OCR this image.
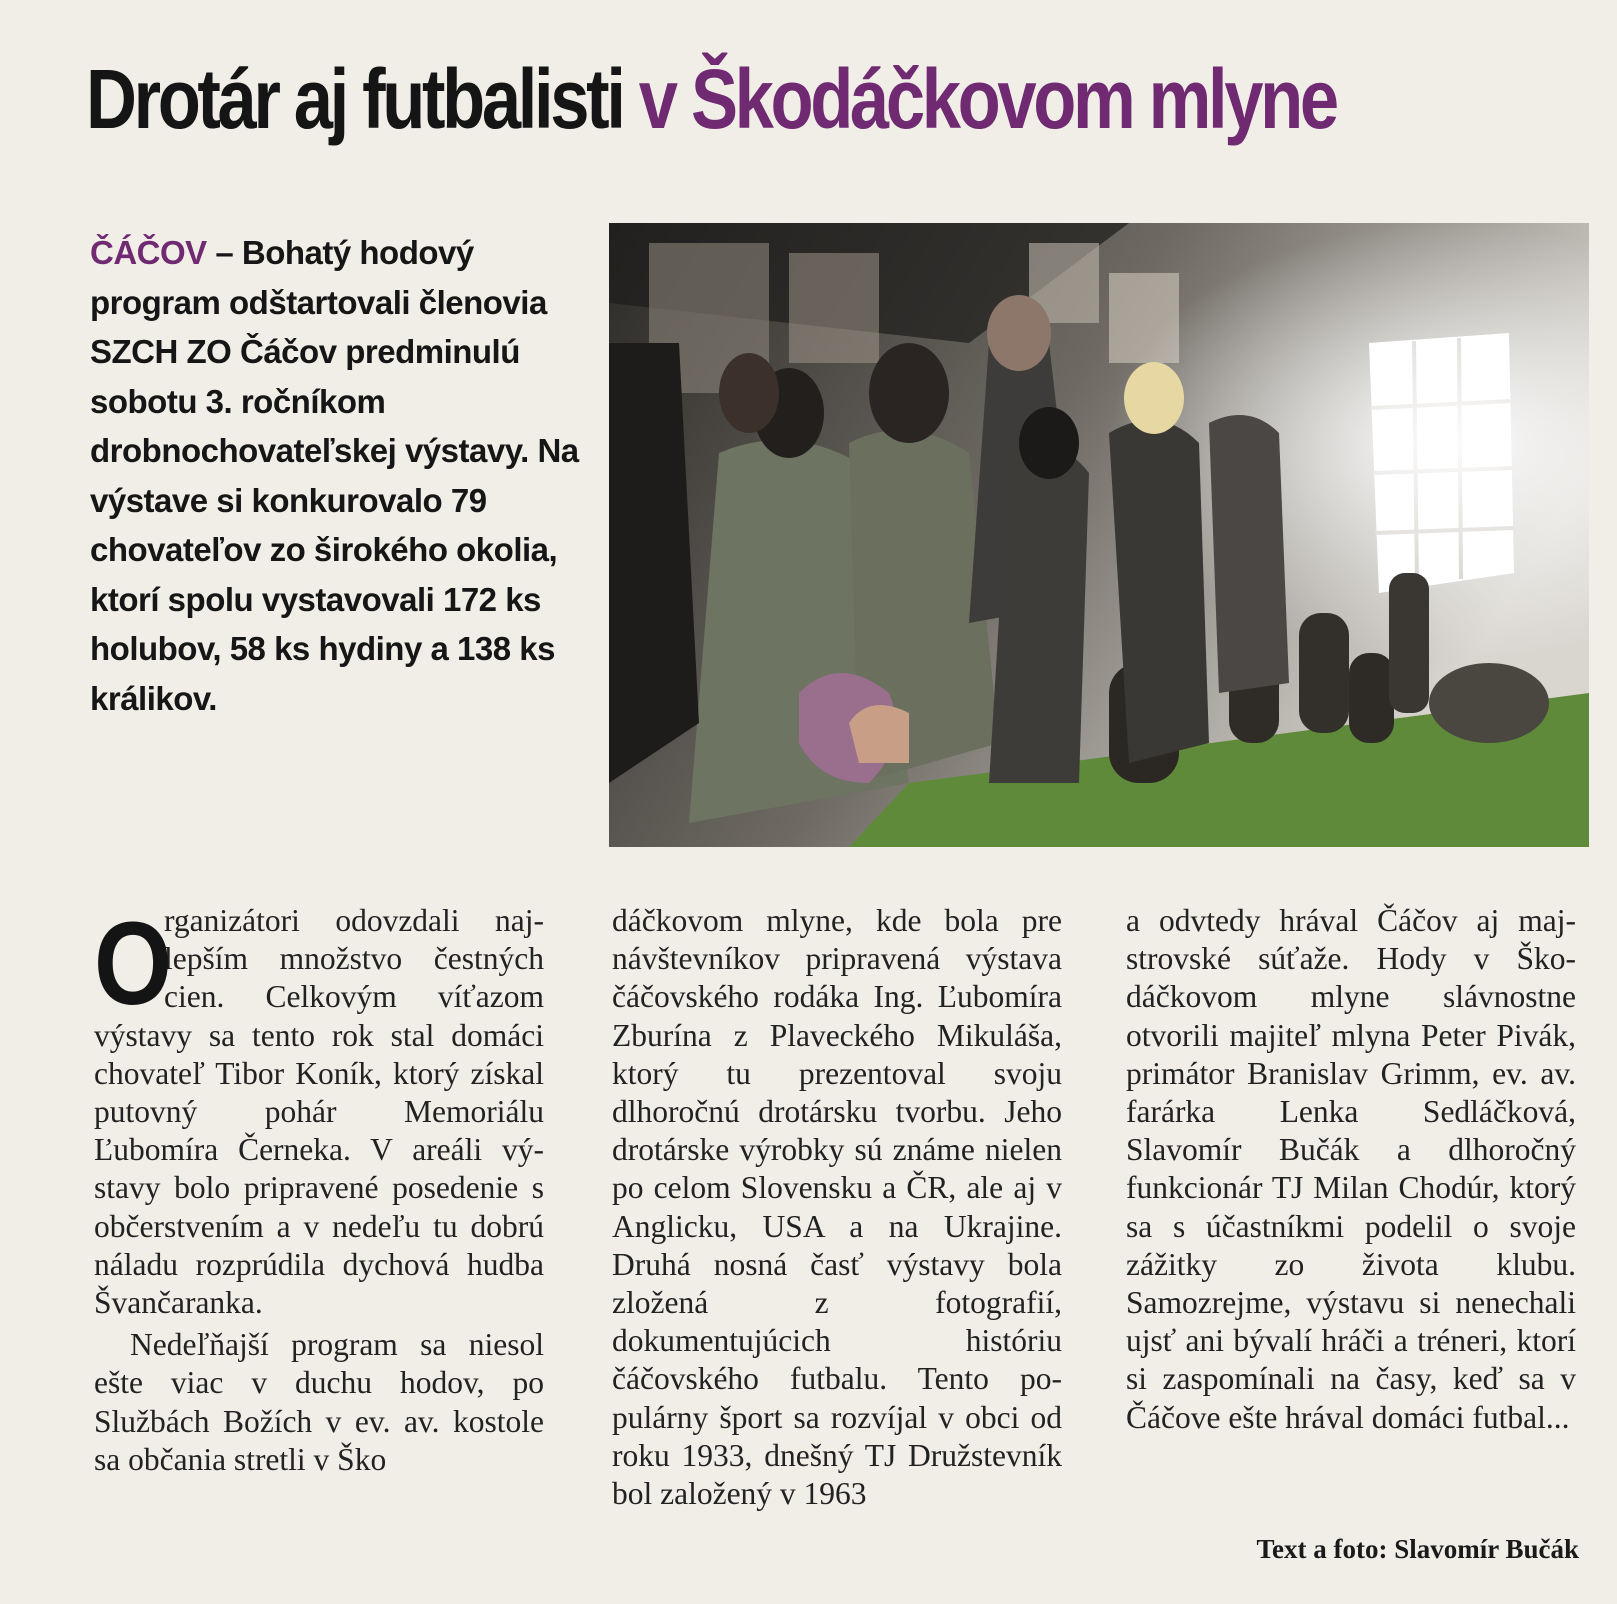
Drotár aj futbalisti v Škodáčkovom mlyne

ČÁČOV – Bohatý hodový program odštartovali členovia SZCH ZO Čáčov predminulú sobotu 3. ročníkom drobnochovateľskej výstavy. Na výstave si konkurovalo 79 chovateľov zo širokého okolia, ktorí spolu vystavovali 172 ks holubov, 58 ks hydiny a 138 ks králikov.

O
rganizátori odovzdali najlepším množstvo čestných cien. Celkovým víťazom výstavy sa tento rok stal domáci chovateľ Tibor Koník, ktorý získal putovný pohár Memoriálu Ľubomíra Černeka. V areáli výstavy bolo pripravené posedenie s občerstvením a v nedeľu tu dobrú náladu rozprúdila dychová hudba Švančaranka.

Nedeľňajší program sa niesol ešte viac v duchu hodov, po Službách Božích v ev. av. kostole sa občania stretli v Ško

dáčkovom mlyne, kde bola pre návštevníkov pripravená výstava čáčovského rodáka Ing. Ľubomíra Zburína z Plaveckého Mikuláša, ktorý tu prezentoval svoju dlhoročnú drotársku tvorbu. Jeho drotárske výrobky sú známe nielen po celom Slovensku a ČR, ale aj v Anglicku, USA a na Ukrajine. Druhá nosná časť výstavy bola zložená z fotografií, dokumentujúcich históriu čáčovského futbalu. Tento populárny šport sa rozvíjal v obci od roku 1933, dnešný TJ Družstevník bol založený v 1963

a odvtedy hrával Čáčov aj majstrovské súťaže. Hody v Škodáčkovom mlyne slávnostne otvorili majiteľ mlyna Peter Pivák, primátor Branislav Grimm, ev. av. farárka Lenka Sedláčková, Slavomír Bučák a dlhoročný funkcionár TJ Milan Chodúr, ktorý sa s účastníkmi podelil o svoje zážitky zo života klubu. Samozrejme, výstavu si nenechali ujsť ani bývalí hráči a tréneri, ktorí si zaspomínali na časy, keď sa v Čáčove ešte hrával domáci futbal...

Text a foto: Slavomír Bučák
